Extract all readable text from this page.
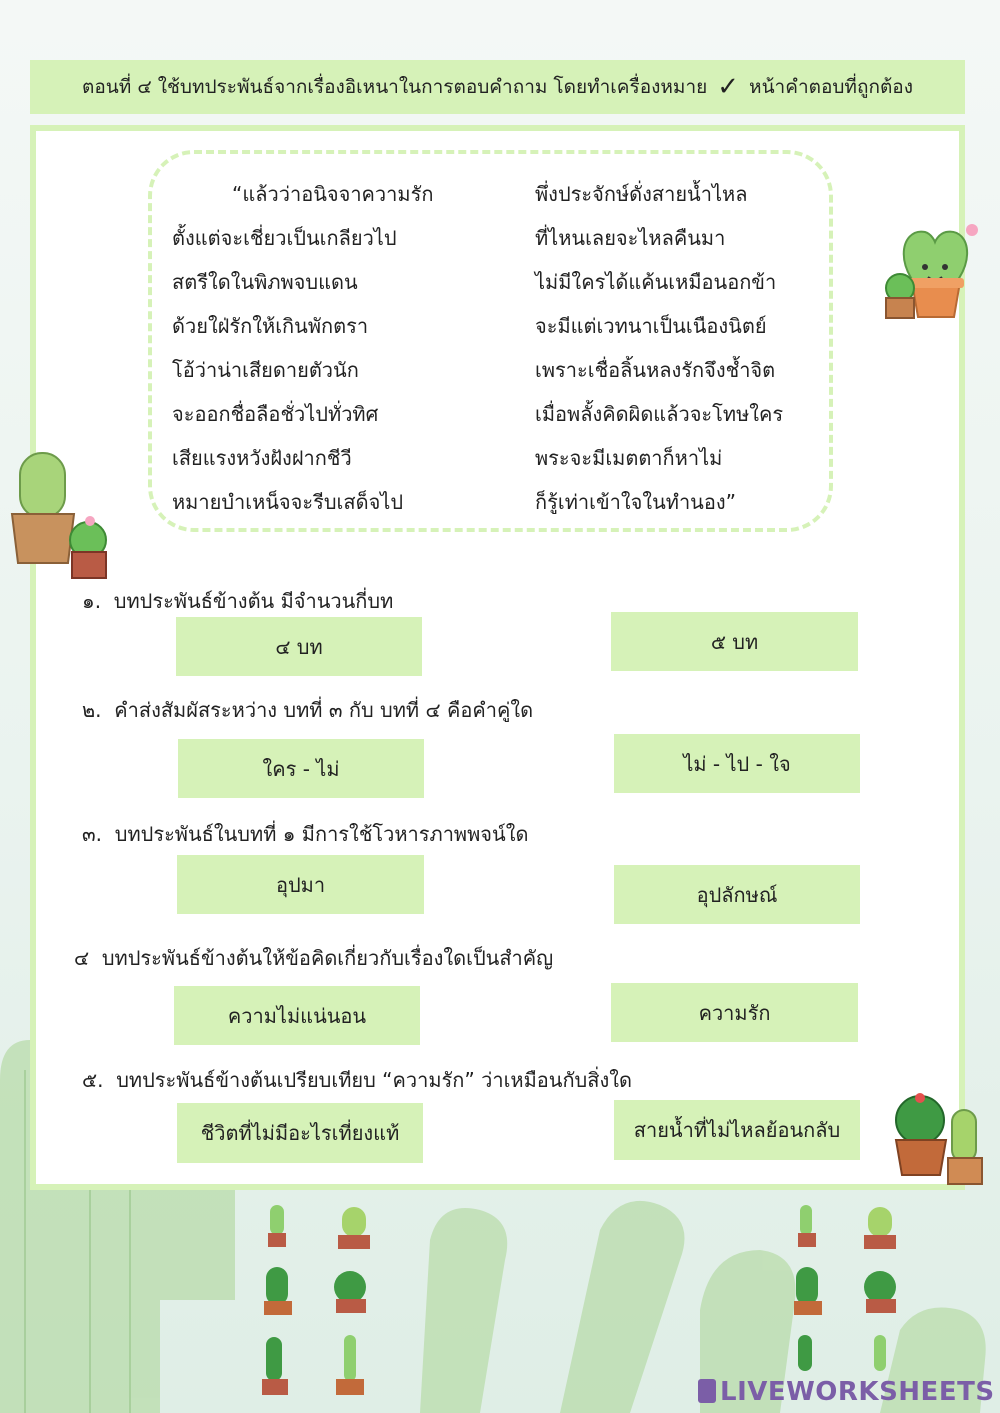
ตอนที่ ๔ ใช้บทประพันธ์จากเรื่องอิเหนาในการตอบคำถาม โดยทำเครื่องหมาย ✓ หน้าคำตอบที่ถูกต้อง
“แล้วว่าอนิจจาความรัก
ตั้งแต่จะเชี่ยวเป็นเกลียวไป
สตรีใดในพิภพจบแดน
ด้วยใฝ่รักให้เกินพักตรา
โอ้ว่าน่าเสียดายตัวนัก
จะออกชื่อลือชั่วไปทั่วทิศ
เสียแรงหวังฝังฝากชีวี
หมายบำเหน็จจะรีบเสด็จไป
พึ่งประจักษ์ดั่งสายน้ำไหล
ที่ไหนเลยจะไหลคืนมา
ไม่มีใครได้แค้นเหมือนอกข้า
จะมีแต่เวทนาเป็นเนืองนิตย์
เพราะเชื่อลิ้นหลงรักจึงช้ำจิต
เมื่อพลั้งคิดผิดแล้วจะโทษใคร
พระจะมีเมตตาก็หาไม่
ก็รู้เท่าเข้าใจในทำนอง”
๑. บทประพันธ์ข้างต้น มีจำนวนกี่บท
๔ บท	๕ บท
๒. คำส่งสัมผัสระหว่าง บทที่ ๓ กับ บทที่ ๔ คือคำคู่ใด
ใคร - ไม่	ไม่ - ไป - ใจ
๓. บทประพันธ์ในบทที่ ๑ มีการใช้โวหารภาพพจน์ใด
อุปมา	อุปลักษณ์
๔ บทประพันธ์ข้างต้นให้ข้อคิดเกี่ยวกับเรื่องใดเป็นสำคัญ
ความไม่แน่นอน	ความรัก
๕. บทประพันธ์ข้างต้นเปรียบเทียบ “ความรัก” ว่าเหมือนกับสิ่งใด
ชีวิตที่ไม่มีอะไรเที่ยงแท้	สายน้ำที่ไม่ไหลย้อนกลับ
LIVEWORKSHEETS
